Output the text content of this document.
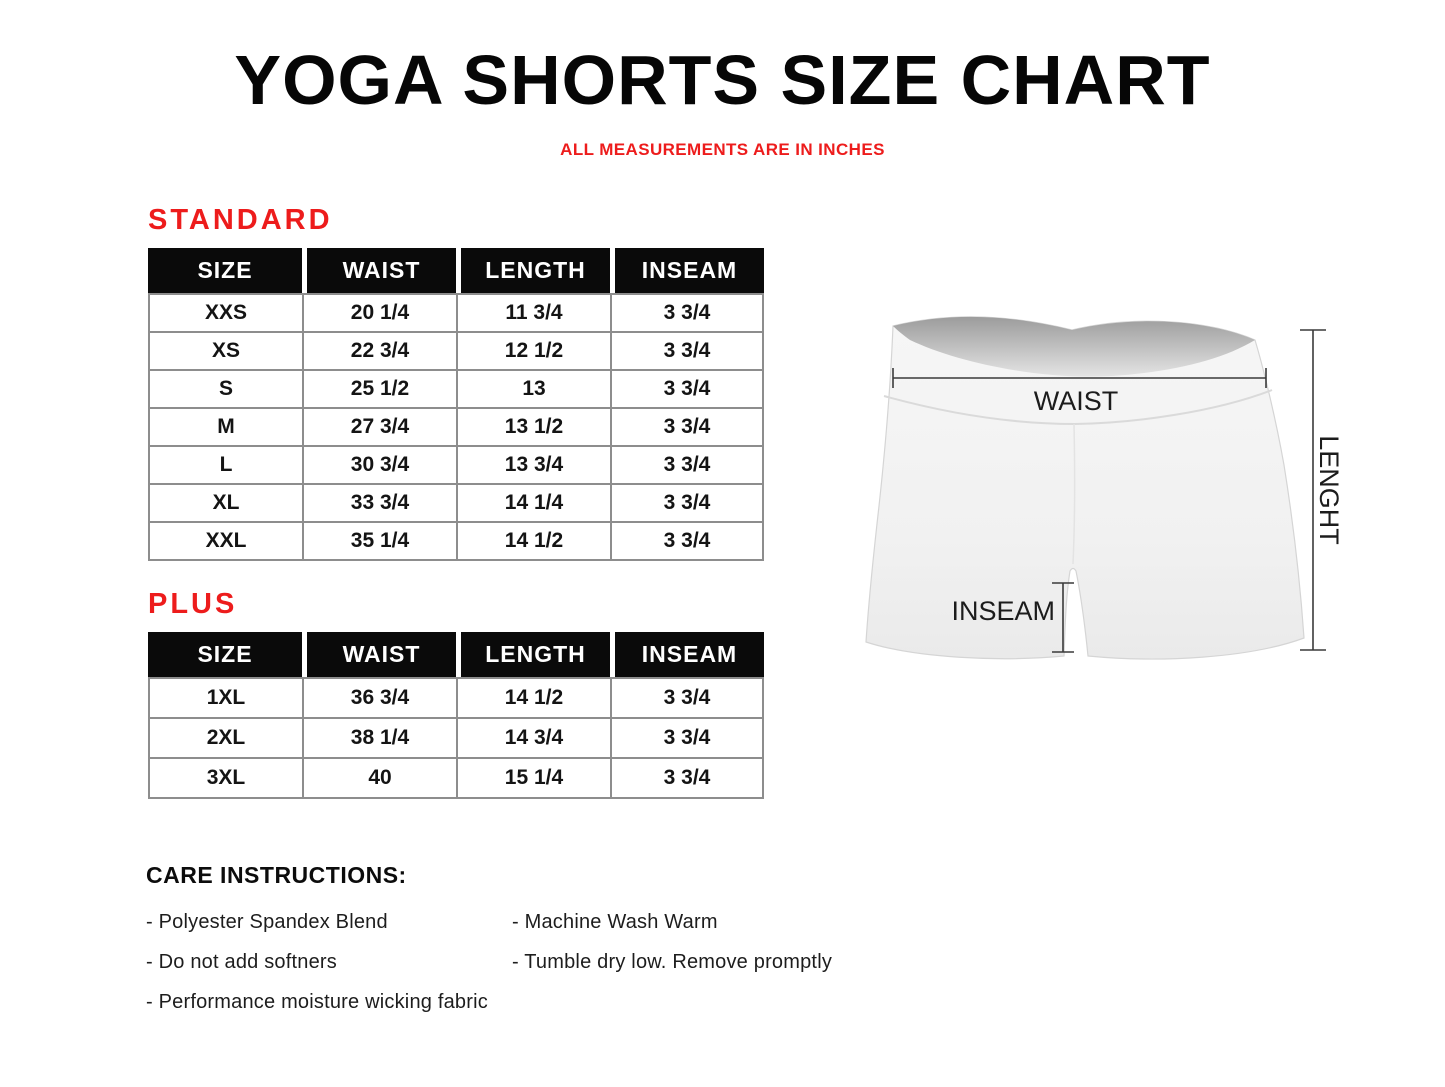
YOGA SHORTS SIZE CHART
ALL MEASUREMENTS ARE IN INCHES
STANDARD
SIZE	WAIST	LENGTH	INSEAM
XXS	20 1/4	11 3/4	3 3/4
XS	22 3/4	12 1/2	3 3/4
S	25 1/2	13	3 3/4
M	27 3/4	13 1/2	3 3/4
L	30 3/4	13 3/4	3 3/4
XL	33 3/4	14 1/4	3 3/4
XXL	35 1/4	14 1/2	3 3/4
PLUS
SIZE	WAIST	LENGTH	INSEAM
1XL	36 3/4	14 1/2	3 3/4
2XL	38 1/4	14 3/4	3 3/4
3XL	40	15 1/4	3 3/4
CARE INSTRUCTIONS:
- Polyester Spandex Blend
- Do not add softners
- Performance moisture wicking fabric
- Machine Wash Warm
- Tumble dry low. Remove promptly
WAIST
INSEAM
LENGHT
